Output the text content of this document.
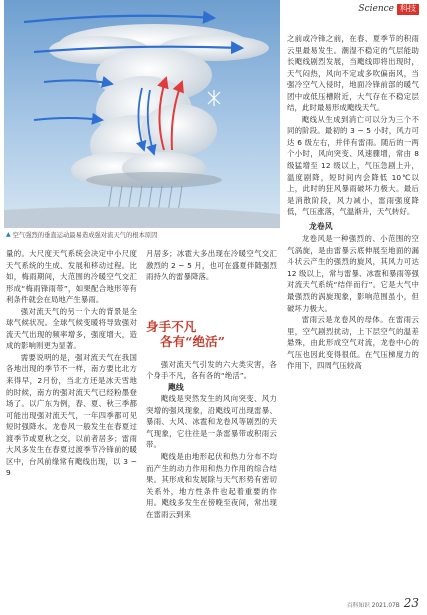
Science 科技
▲ 空气强烈的垂直运动最易造成强对流天气的根本原因

量的。大尺度天气系统会决定中小尺度天气系统的生成、发展和移动过程。比如，梅雨期间，大范围的冷暖空气交汇形成“梅雨锋雨带”，如果配合地形等有利条件就会在局地产生暴雨。

强对流天气的另一个大的背景是全球气候状况。全球气候变暖将导致强对流天气出现的频率增多，强度增大，造成的影响则更为显著。

需要说明的是，强对流天气在我国各地出现的季节不一样，南方要比北方来得早，2月份，当北方还是冰天雪地的时候，南方的强对流天气已经粉墨登场了。以广东为例，春、夏、秋三季都可能出现强对流天气，一年四季都可见短时强降水。龙卷风一般发生在春夏过渡季节或夏秋之交，以前者居多；雷雨大风多发生在春夏过渡季节冷锋前的暖区中，台风前缘常有飑线出现，以 3 ~ 9

月居多；冰雹大多出现在冷暖空气交汇激烈的 2 ~ 5 月，也可在盛夏伴随强烈雨持久的雷暴降落。

身手不凡
各有“绝活”

强对流天气引发的六大类灾害，各个身手不凡，各有各的“绝活”。

飑线

飑线是突然发生的风向突变、风力突增的强风现象，沿飑线可出现雷暴、暴雨、大风、冰雹和龙卷风等剧烈的天气现象，它往往是一条雷暴带或积雨云带。

飑线是由地形起伏和热力分布不均而产生的动力作用和热力作用的综合结果。其形成和发展除与天气形势有密切关系外，地方性条件也起着重要的作用。飑线多发生在傍晚至夜间，常出现在雷雨云到来

之前或冷锋之前，在春、夏季节的积雨云里最易发生。潮湿不稳定的气层能助长飑线剧烈发展，当飑线即将出现时，天气闷热，风向不定或多吹偏南风，当强冷空气入侵时，地面冷锋前部的暖气团中或低压槽附近，大气存在不稳定层结，此时最易形成飑线天气。

飑线从生成到消亡可以分为三个不同的阶段。最初的 3 ~ 5 小时，风力可达 6 级左右，并伴有雷雨。随后的一两个小时，风向突变、风速骤增，常由 8 级猛增至 12 级以上，气压急剧上升，温度剧降，短时间内会降低 10℃以上，此时的狂风暴雨破坏力极大。最后是消散阶段，风力减小，雷雨强度降低，气压涨落，气温渐升，天气转好。

龙卷风

龙卷风是一种强烈的、小范围的空气涡旋，是由雷暴云底伸展至地面的漏斗状云产生的强烈的旋风，其风力可达 12 级以上，常与雷暴、冰雹和暴雨等强对流天气系统“结伴而行”。它是大气中最强烈的涡旋现象，影响范围虽小，但破坏力极大。

雷雨云是龙卷风的母体。在雷雨云里，空气剧烈扰动，上下层空气的温差悬殊，由此形成空气对流，龙卷中心的气压也因此变得很低。在气压梯度力的作用下，四周气压较高

百科知识 2021.07B 23
